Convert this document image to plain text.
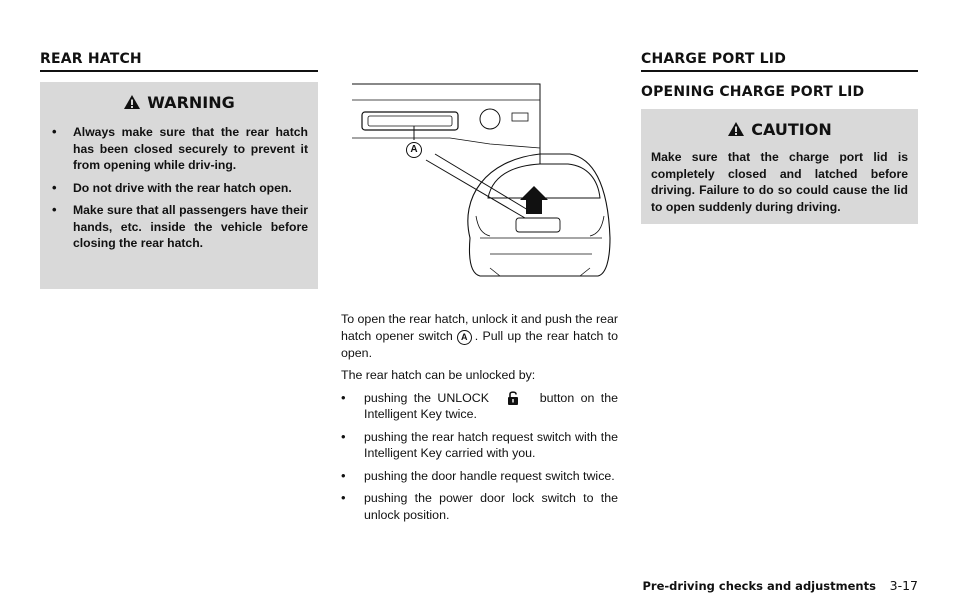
REAR HATCH
WARNING
• Always make sure that the rear hatch has been closed securely to prevent it from opening while driv-ing.
• Do not drive with the rear hatch open.
• Make sure that all passengers have their hands, etc. inside the vehicle before closing the rear hatch.
A

To open the rear hatch, unlock it and push the rear hatch opener switch A . Pull up the rear hatch to open.

The rear hatch can be unlocked by:

• pushing the UNLOCK	button on the Intelligent Key twice.
• pushing the rear hatch request switch with the Intelligent Key carried with you.
• pushing the door handle request switch twice.
• pushing the power door lock switch to the unlock position.
CHARGE PORT LID
OPENING CHARGE PORT LID
CAUTION

Make sure that the charge port lid is completely closed and latched before driving. Failure to do so could cause the lid to open suddenly during driving.

Pre-driving checks and adjustments 3-17
